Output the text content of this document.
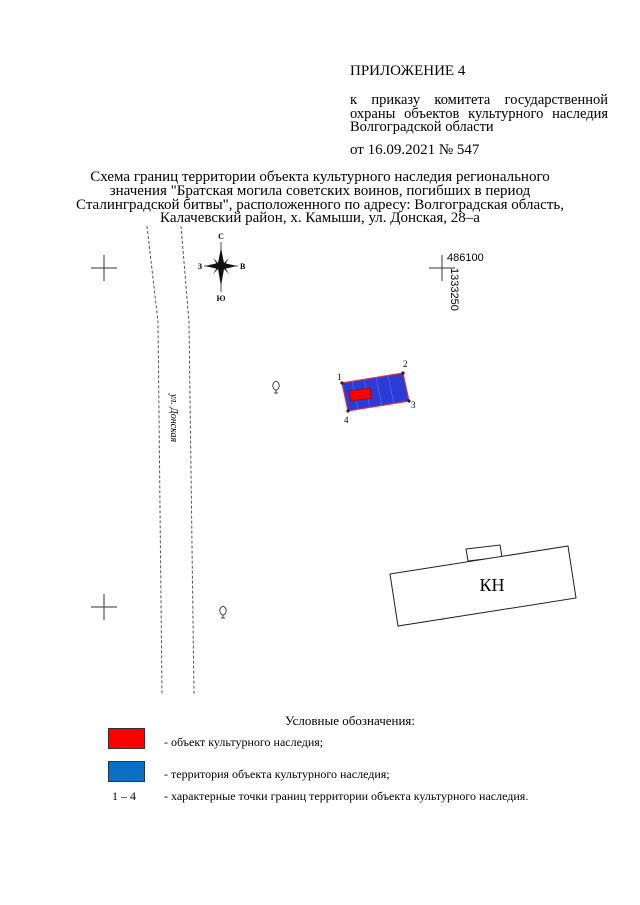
ПРИЛОЖЕНИЕ 4
к приказу комитета государственной
охраны объектов культурного наследия
Волгоградской области
от 16.09.2021 № 547
Схема границ территории объекта культурного наследия регионального
значения "Братская могила советских воинов, погибших в период
Сталинградской битвы", расположенного по адресу: Волгоградская область,
Калачевский район, х. Камыши, ул. Донская, 28–а
ул. Донская
486100
1333250
С
Ю
З	В
1
2
3
4
КН
Условные обозначения:
- объект культурного наследия;
- территория объекта культурного наследия;
1 – 4 - характерные точки границ территории объекта культурного наследия.
